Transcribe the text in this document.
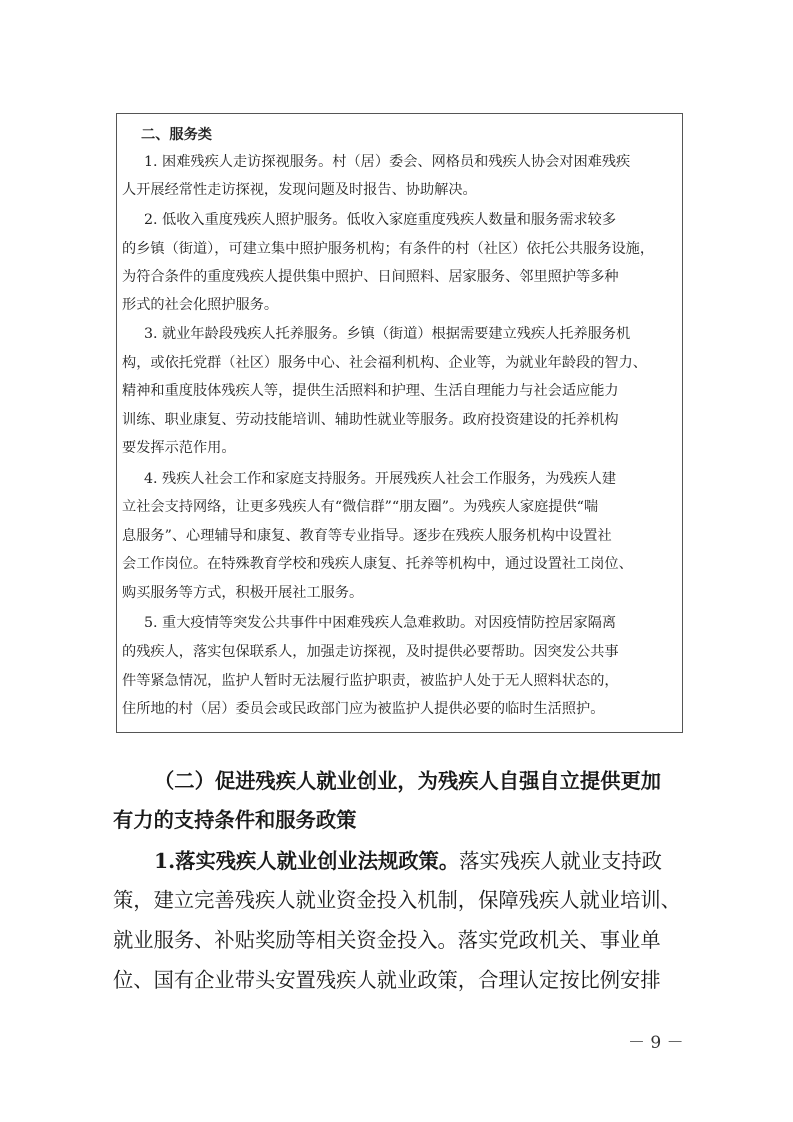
二、服务类
1. 困难残疾人走访探视服务。村（居）委会、网格员和残疾人协会对困难残疾
人开展经常性走访探视，发现问题及时报告、协助解决。
2. 低收入重度残疾人照护服务。低收入家庭重度残疾人数量和服务需求较多
的乡镇（街道），可建立集中照护服务机构；有条件的村（社区）依托公共服务设施，
为符合条件的重度残疾人提供集中照护、日间照料、居家服务、邻里照护等多种
形式的社会化照护服务。
3. 就业年龄段残疾人托养服务。乡镇（街道）根据需要建立残疾人托养服务机
构，或依托党群（社区）服务中心、社会福利机构、企业等，为就业年龄段的智力、
精神和重度肢体残疾人等，提供生活照料和护理、生活自理能力与社会适应能力
训练、职业康复、劳动技能培训、辅助性就业等服务。政府投资建设的托养机构
要发挥示范作用。
4. 残疾人社会工作和家庭支持服务。开展残疾人社会工作服务，为残疾人建
立社会支持网络，让更多残疾人有“微信群”“朋友圈”。为残疾人家庭提供“喘
息服务”、心理辅导和康复、教育等专业指导。逐步在残疾人服务机构中设置社
会工作岗位。在特殊教育学校和残疾人康复、托养等机构中，通过设置社工岗位、
购买服务等方式，积极开展社工服务。
5. 重大疫情等突发公共事件中困难残疾人急难救助。对因疫情防控居家隔离
的残疾人，落实包保联系人，加强走访探视，及时提供必要帮助。因突发公共事
件等紧急情况，监护人暂时无法履行监护职责，被监护人处于无人照料状态的，
住所地的村（居）委员会或民政部门应为被监护人提供必要的临时生活照护。
（二）促进残疾人就业创业，为残疾人自强自立提供更加
有力的支持条件和服务政策
1.落实残疾人就业创业法规政策。落实残疾人就业支持政
策，建立完善残疾人就业资金投入机制，保障残疾人就业培训、
就业服务、补贴奖励等相关资金投入。落实党政机关、事业单
位、国有企业带头安置残疾人就业政策，合理认定按比例安排
－ 9 －
